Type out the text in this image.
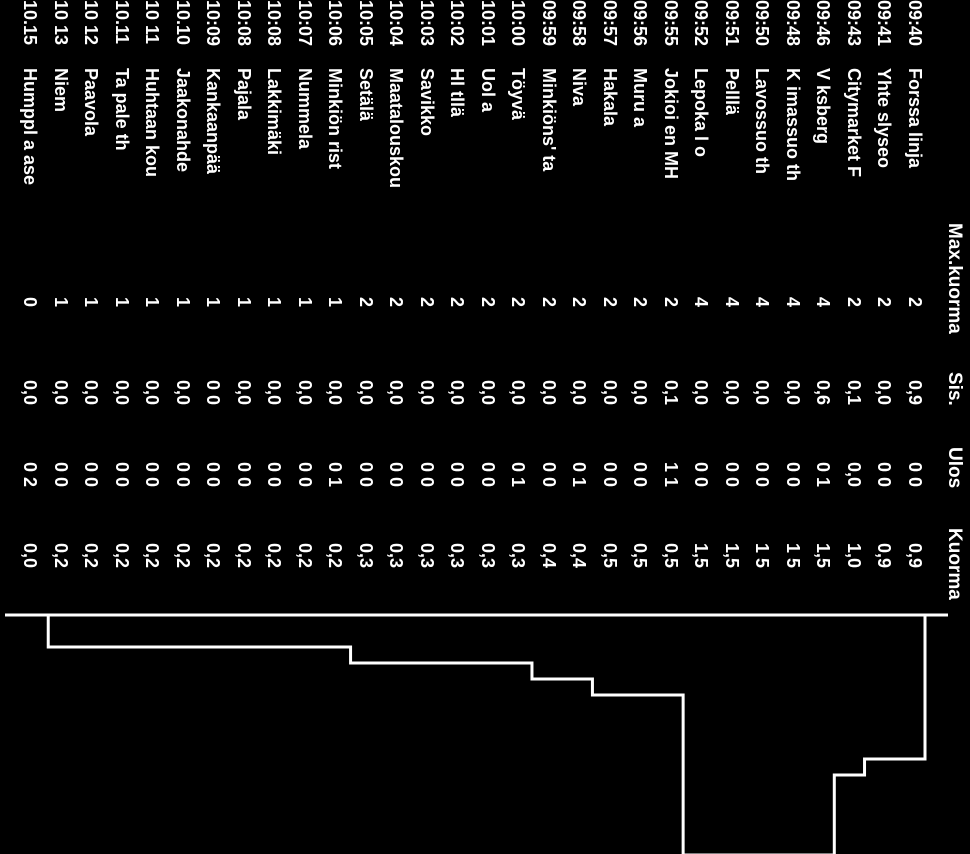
Max.kuorma
Sis.
Ulos
Kuorma
09:40
Forssa linja
2
0,9
0 0
0,9
09:41
Yhte slyseo
2
0,0
0 0
0,9
09:43
Citymarket F
2
0,1
0,0
1,0
09:46
V ksberg
4
0,6
0 1
1,5
09:48
K imassuo th
4
0,0
0 0
1 5
09:50
Lavossuo th
4
0,0
0 0
1 5
09:51
Pelllä
4
0,0
0 0
1,5
09:52
Lepoka l o
4
0,0
0 0
1,5
09:55
Jokioi en MH
2
0,1
1 1
0,5
09:56
Muru a
2
0,0
0 0
0,5
09:57
Hakala
2
0,0
0 0
0,5
09:58
Niva
2
0,0
0 1
0,4
09:59
Minkiöns' ta
2
0,0
0 0
0,4
10:00
Töyvä
2
0,0
0 1
0,3
10:01
Uol a
2
0,0
0 0
0,3
10:02
Hl tllä
2
0,0
0 0
0,3
10:03
Savikko
2
0,0
0 0
0,3
10:04
Maatalouskou
2
0,0
0 0
0,3
10:05
Setälä
2
0,0
0 0
0,3
10:06
Minkiön rist
1
0,0
0 1
0,2
10:07
Nummela
1
0,0
0 0
0,2
10:08
Lakkimäki
1
0,0
0 0
0,2
10:08
Pajala
1
0,0
0 0
0,2
10:09
Kankaanpää
1
0 0
0 0
0,2
10.10
Jaakonahde
1
0,0
0 0
0,2
10 11
Huhtaan kou
1
0,0
0 0
0,2
10.11
Ta pale th
1
0,0
0 0
0,2
10 12
Paavola
1
0,0
0 0
0,2
10 13
Niem
1
0,0
0 0
0,2
10.15
Humppl a ase
0
0,0
0 2
0,0
